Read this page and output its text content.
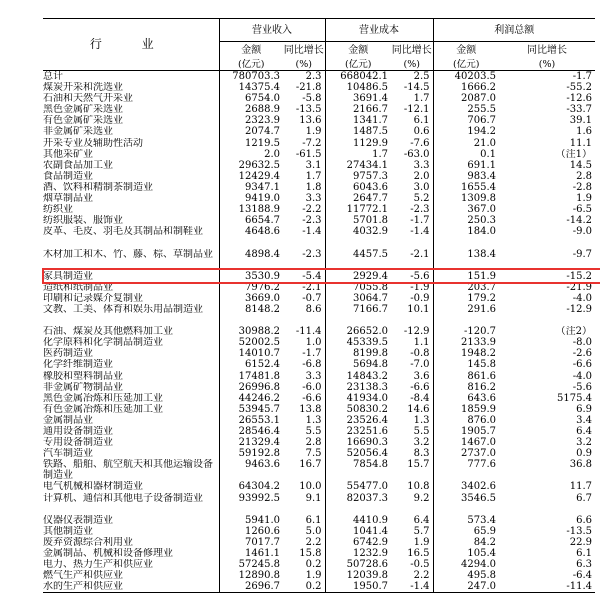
行 业	营业收入		营业成本		利润总额	
	金额	同比增长	金额	同比增长	金额	同比增长
	(亿元)	(%)	(亿元)	(%)	(亿元)	(%)
总计	780703.3	2.3	668042.1	2.5	40203.5	-1.7
煤炭开采和洗选业	14375.4	-21.8	10486.5	-14.5	1666.2	-55.2
石油和天然气开采业	6754.0	-5.8	3691.4	1.7	2087.0	-12.6
黑色金属矿采选业	2688.9	-13.5	2166.7	-12.1	255.5	-33.7
有色金属矿采选业	2323.9	13.6	1341.7	6.1	706.7	39.1
非金属矿采选业	2074.7	1.9	1487.5	0.6	194.2	1.6
开采专业及辅助性活动	1219.5	-7.2	1129.9	-7.6	21.0	11.1
其他采矿业	2.0	-61.5	1.7	-63.0	0.1	（注1）
农副食品加工业	29632.5	3.1	27434.1	3.3	691.1	14.5
食品制造业	12429.4	1.7	9757.3	2.0	983.4	2.8
酒、饮料和精制茶制造业	9347.1	1.8	6043.6	3.0	1655.4	-2.8
烟草制品业	9419.0	3.3	2647.7	5.2	1309.8	1.9
纺织业	13188.9	-2.2	11772.1	-2.3	367.0	-6.5
纺织服装、服饰业	6654.7	-2.3	5701.8	-1.7	250.3	-14.2
皮革、毛皮、羽毛及其制品和制鞋业	4648.6	-1.4	4032.9	-1.4	184.0	-9.0
木材加工和木、竹、藤、棕、草制品业	4898.4	-2.3	4457.5	-2.1	138.4	-9.7
家具制造业	3530.9	-5.4	2929.4	-5.6	151.9	-15.2
造纸和纸制品业	7976.2	-2.1	7055.8	-1.9	203.7	-21.9
印刷和记录媒介复制业	3669.0	-0.7	3064.7	-0.9	179.2	-4.0
文教、工美、体育和娱乐用品制造业	8148.2	8.6	7166.7	10.1	291.6	-12.9
石油、煤炭及其他燃料加工业	30988.2	-11.4	26652.0	-12.9	-120.7	（注2）
化学原料和化学制品制造业	52002.5	1.0	45339.5	1.1	2133.9	-8.0
医药制造业	14010.7	-1.7	8199.8	-0.8	1948.2	-2.6
化学纤维制造业	6152.4	-6.8	5694.8	-7.0	145.8	-6.6
橡胶和塑料制品业	17481.8	3.3	14843.2	3.6	861.6	-4.0
非金属矿物制品业	26996.8	-6.0	23138.3	-6.6	816.2	-5.6
黑色金属冶炼和压延加工业	44246.2	-6.6	41934.0	-8.4	643.6	5175.4
有色金属冶炼和压延加工业	53945.7	13.8	50830.2	14.6	1859.9	6.9
金属制品业	26553.1	1.3	23526.4	1.3	876.0	3.4
通用设备制造业	28546.4	5.5	23251.6	5.5	1905.7	6.4
专用设备制造业	21329.4	2.8	16690.3	3.2	1467.0	3.2
汽车制造业	59192.8	7.5	52056.4	8.3	2737.0	0.9
铁路、船舶、航空航天和其他运输设备制造业	9463.6	16.7	7854.8	15.7	777.6	36.8
电气机械和器材制造业	64304.2	10.0	55477.0	10.8	3402.6	11.7
计算机、通信和其他电子设备制造业	93992.5	9.1	82037.3	9.2	3546.5	6.7
仪器仪表制造业	5941.0	6.1	4410.9	6.4	573.4	6.6
其他制造业	1260.6	5.0	1041.4	5.7	65.9	-13.5
废弃资源综合利用业	7017.7	2.2	6742.9	1.9	84.2	22.9
金属制品、机械和设备修理业	1461.1	15.8	1232.9	16.5	105.4	6.1
电力、热力生产和供应业	57245.8	0.2	50728.6	-0.5	4294.0	6.3
燃气生产和供应业	12890.8	1.9	12039.8	2.2	495.8	-6.4
水的生产和供应业	2696.7	0.2	1950.7	-1.4	247.0	-11.4
